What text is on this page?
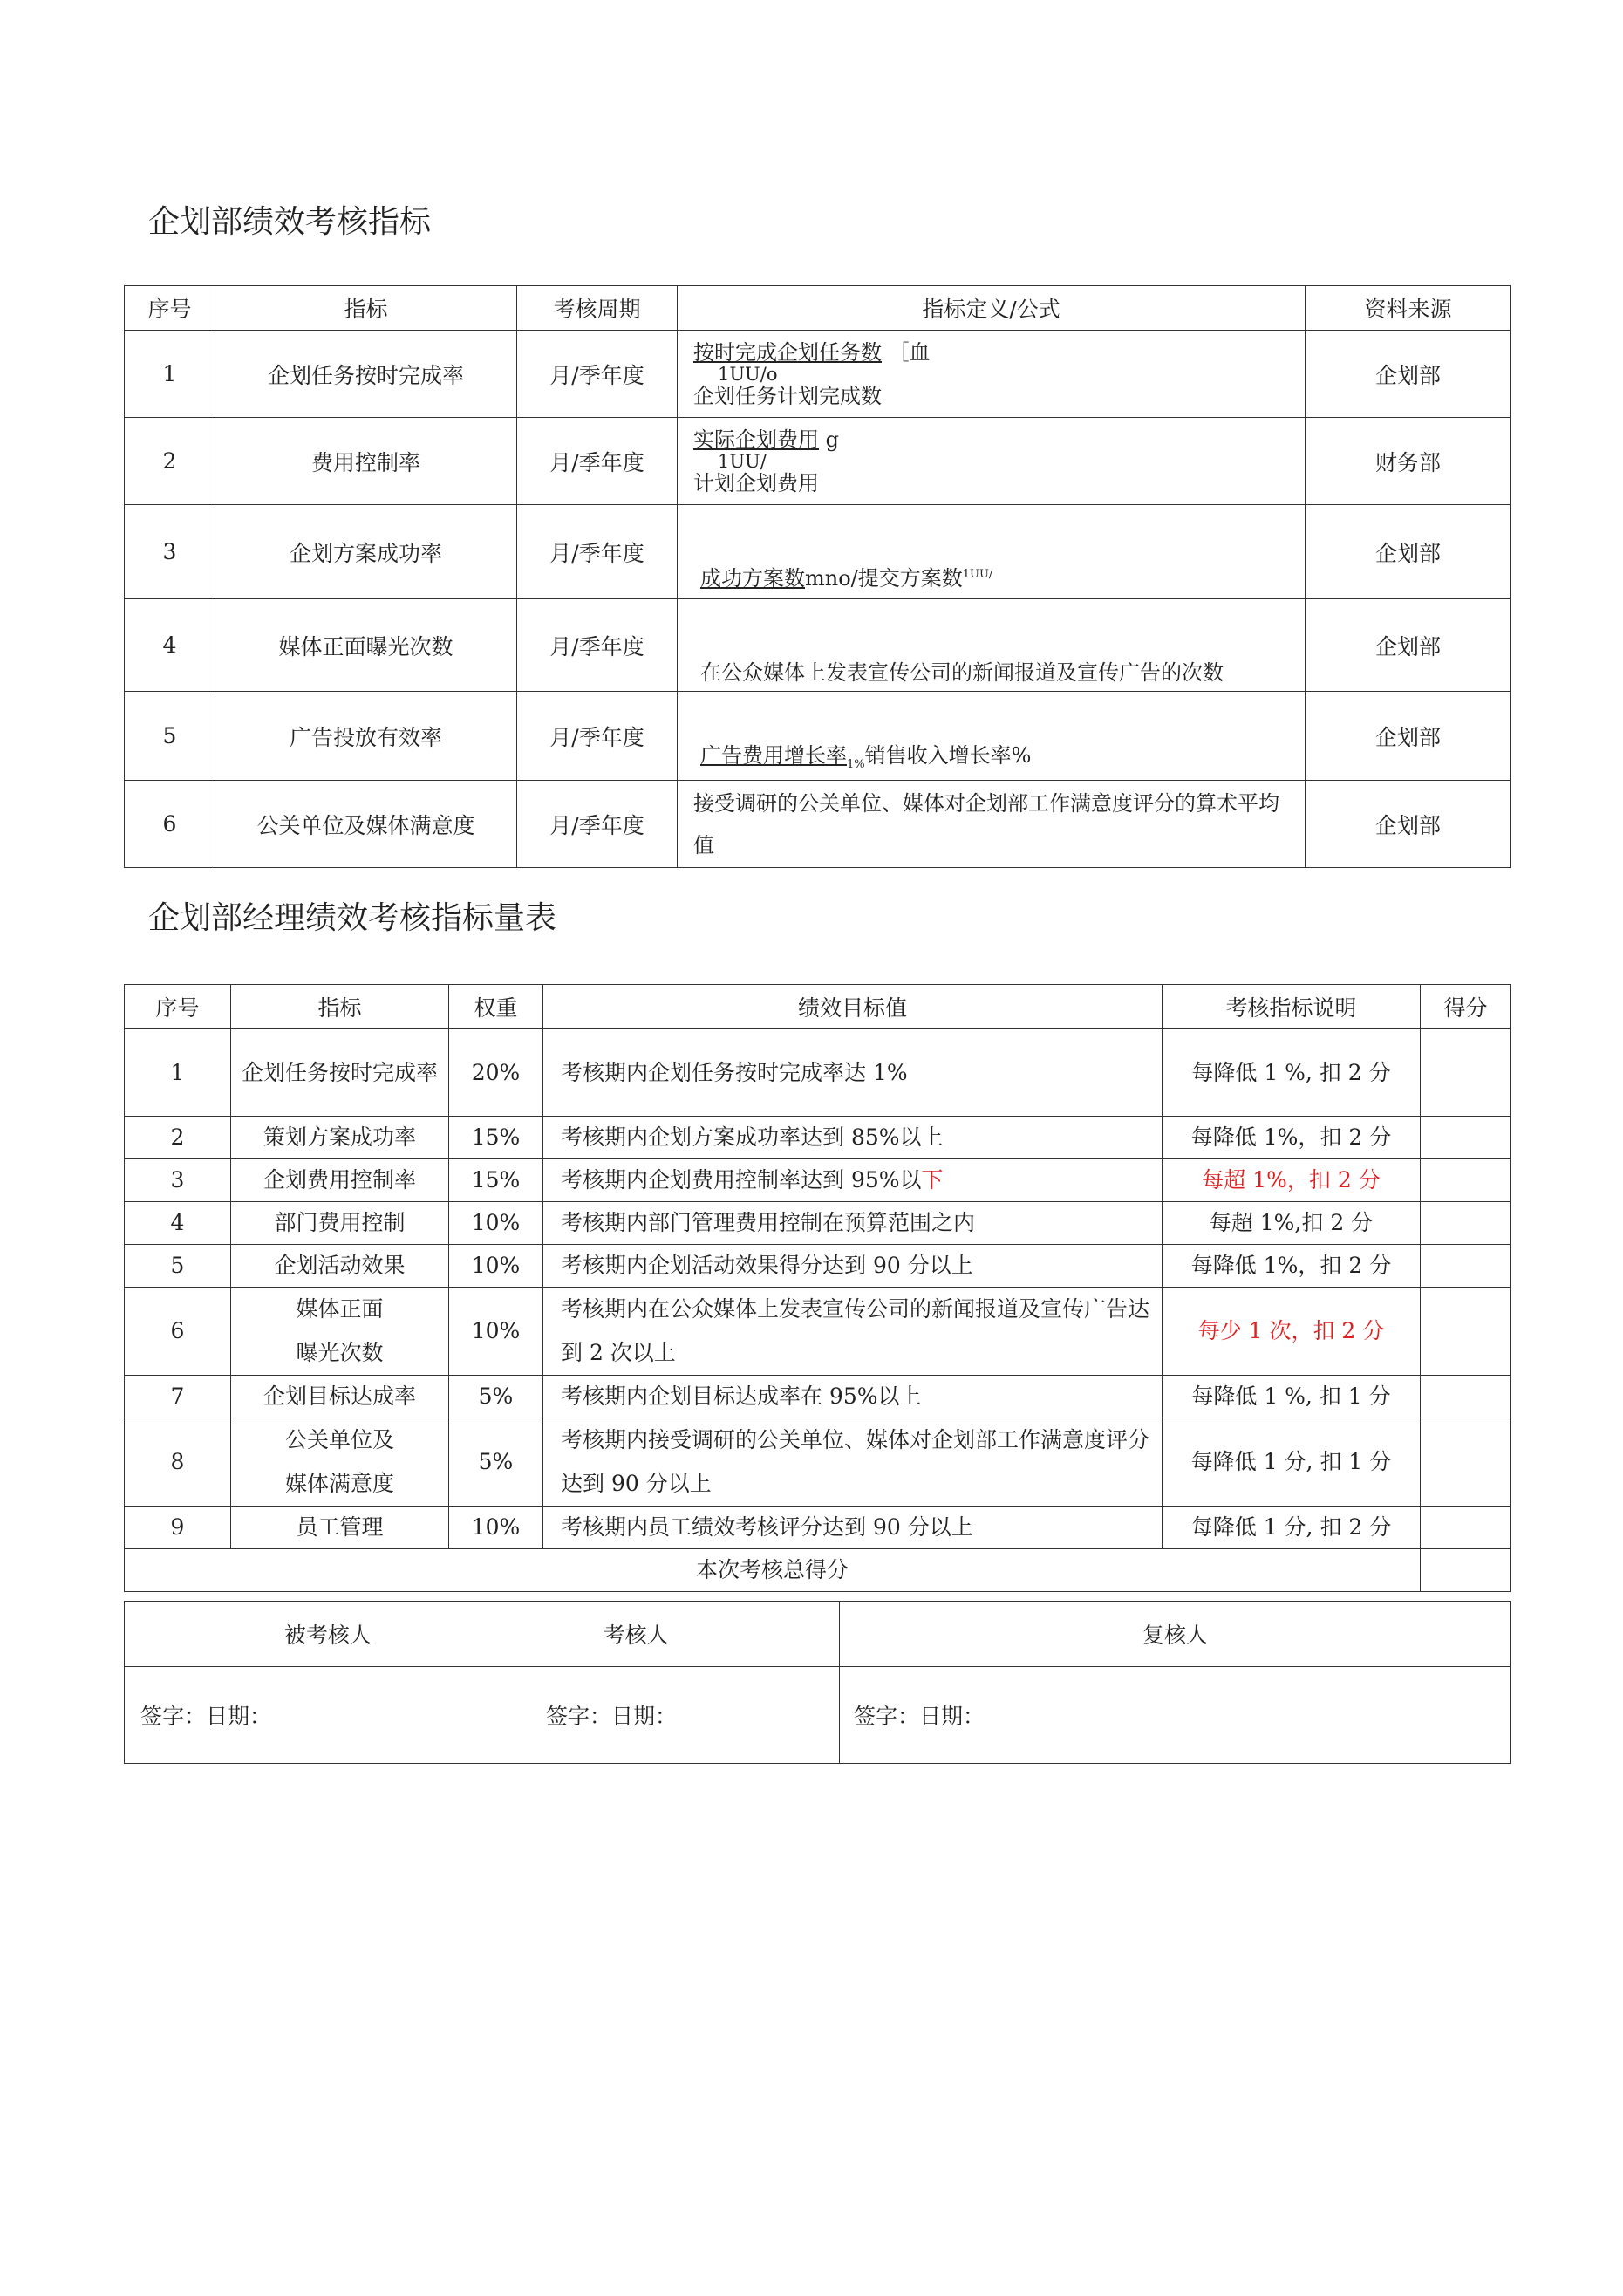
企划部绩效考核指标
序号	指标	考核周期	指标定义/公式	资料来源
1	企划任务按时完成率	月/季年度	按时完成企划任务数 ［血
1UU/o
企划任务计划完成数	企划部
2	费用控制率	月/季年度	实际企划费用 g
1UU/
计划企划费用	财务部
3	企划方案成功率	月/季年度	成功方案数mno/提交方案数$^{1UU/}$	企划部
4	媒体正面曝光次数	月/季年度	在公众媒体上发表宣传公司的新闻报道及宣传广告的次数	企划部
5	广告投放有效率	月/季年度	广告费用增长率$_{1\%}$销售收入增长率%	企划部
6	公关单位及媒体满意度	月/季年度	接受调研的公关单位、媒体对企划部工作满意度评分的算术平均值	企划部
企划部经理绩效考核指标量表
序号	指标	权重	绩效目标值	考核指标说明	得分
1	企划任务按时完成率	20%	考核期内企划任务按时完成率达 1%	每降低 1 %, 扣 2 分	
2	策划方案成功率	15%	考核期内企划方案成功率达到 85%以上	每降低 1%，扣 2 分	
3	企划费用控制率	15%	考核期内企划费用控制率达到 95%以下	每超 1%，扣 2 分	
4	部门费用控制	10%	考核期内部门管理费用控制在预算范围之内	每超 1%,扣 2 分	
5	企划活动效果	10%	考核期内企划活动效果得分达到 90 分以上	每降低 1%，扣 2 分	
6	媒体正面
曝光次数	10%	考核期内在公众媒体上发表宣传公司的新闻报道及宣传广告达到 2 次以上	每少 1 次，扣 2 分	
7	企划目标达成率	5%	考核期内企划目标达成率在 95%以上	每降低 1 %, 扣 1 分	
8	公关单位及
媒体满意度	5%	考核期内接受调研的公关单位、媒体对企划部工作满意度评分达到 90 分以上	每降低 1 分, 扣 1 分	
9	员工管理	10%	考核期内员工绩效考核评分达到 90 分以上	每降低 1 分, 扣 2 分	
本次考核总得分					
被考核人 考核人	复核人

签字：日期： 签字：日期：	签字：日期：
